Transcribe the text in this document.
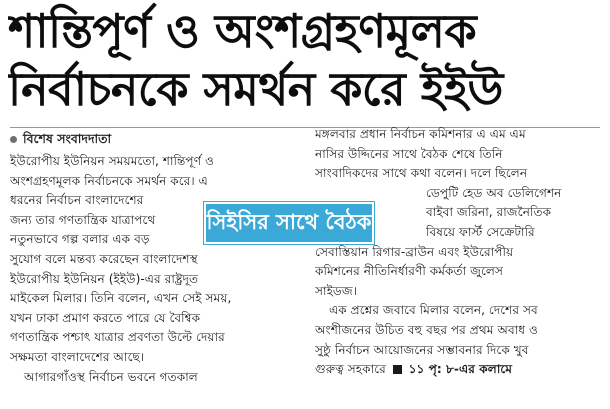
শান্তিপূর্ণ ও অংশগ্রহণমূলক
নির্বাচনকে সমর্থন করে ইইউ
বিশেষ সংবাদদাতা
ইউরোপীয় ইউনিয়ন সময়মতো, শান্তিপূর্ণ ও
অংশগ্রহণমূলক নির্বাচনকে সমর্থন করে। এ
ধরনের নির্বাচন বাংলাদেশের
জন্য তার গণতান্ত্রিক যাত্রাপথে
নতুনভাবে গল্প বলার এক বড়
সুযোগ বলে মন্তব্য করেছেন বাংলাদেশস্থ
ইউরোপীয় ইউনিয়ন (ইইউ)-এর রাষ্ট্রদূত
মাইকেল মিলার। তিনি বলেন, এখন সেই সময়,
যখন ঢাকা প্রমাণ করতে পারে যে বৈশ্বিক
গণতান্ত্রিক পশ্চাৎ যাত্রার প্রবণতা উল্টে দেয়ার
সক্ষমতা বাংলাদেশের আছে।
আগারগাঁওস্থ নির্বাচন ভবনে গতকাল
মঙ্গলবার প্রধান নির্বাচন কমিশনার এ এম এম
নাসির উদ্দিনের সাথে বৈঠক শেষে তিনি
সাংবাদিকদের সাথে কথা বলেন। দলে ছিলেন
ডেপুটি হেড অব ডেলিগেশন
বাইবা জরিনা, রাজনৈতিক
বিষয়ে ফার্স্ট সেক্রেটারি
সেবাস্তিয়ান রিগার-ব্রাউন এবং ইউরোপীয়
কমিশনের নীতিনির্ধারণী কর্মকর্তা জুলেস
সাইডজ।
এক প্রশ্নের জবাবে মিলার বলেন, দেশের সব
অংশীজনের উচিত বহু বছর পর প্রথম অবাধ ও
সুষ্ঠু নির্বাচন আয়োজনের সম্ভাবনার দিকে খুব
গুরুত্ব সহকারে ১১ পৃ: ৮-এর কলামে
সিইসির সাথে বৈঠক
